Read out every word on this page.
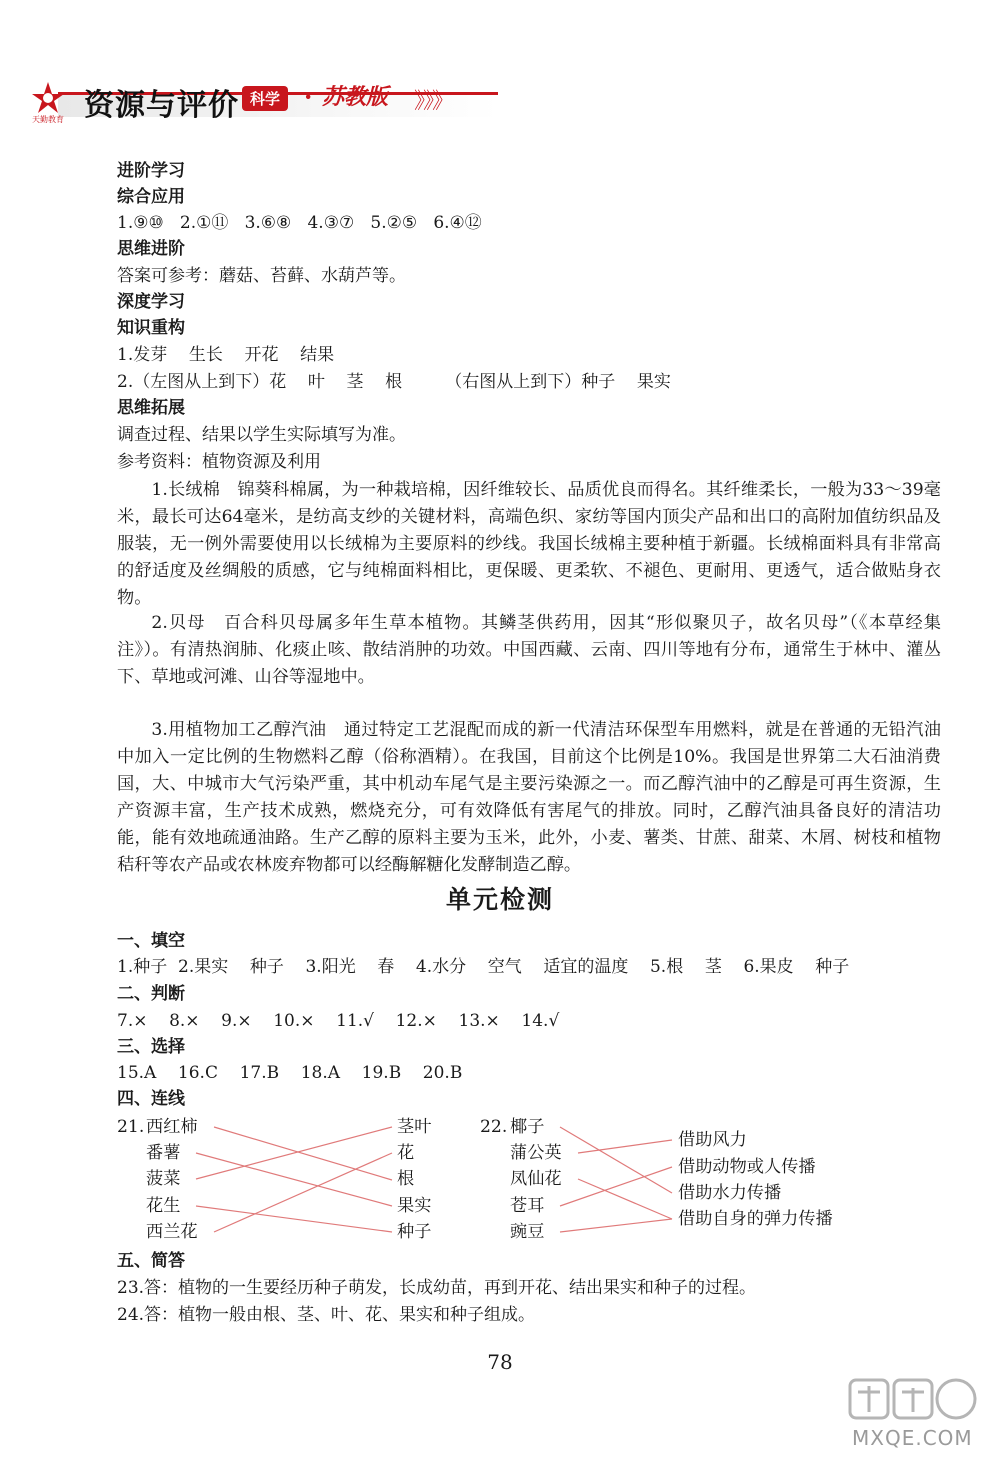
天勤教育 资源与评价 科学 · 苏教版 》》》
进阶学习
综合应用
1.⑨⑩   2.①⑪   3.⑥⑧   4.③⑦   5.②⑤   6.④⑫
思维进阶
答案可参考：蘑菇、苔藓、水葫芦等。
深度学习
知识重构
1.发芽    生长    开花    结果
2.（左图从上到下）花    叶    茎    根        （右图从上到下）种子    果实
思维拓展
调查过程、结果以学生实际填写为准。
参考资料：植物资源及利用

1.长绒棉　锦葵科棉属，为一种栽培棉，因纤维较长、品质优良而得名。其纤维柔长，一般为33～39毫米，最长可达64毫米，是纺高支纱的关键材料，高端色织、家纺等国内顶尖产品和出口的高附加值纺织品及服装，无一例外需要使用以长绒棉为主要原料的纱线。我国长绒棉主要种植于新疆。长绒棉面料具有非常高的舒适度及丝绸般的质感，它与纯棉面料相比，更保暖、更柔软、不褪色、更耐用、更透气，适合做贴身衣物。

2.贝母　百合科贝母属多年生草本植物。其鳞茎供药用，因其“形似聚贝子，故名贝母”（《本草经集注》）。有清热润肺、化痰止咳、散结消肿的功效。中国西藏、云南、四川等地有分布，通常生于林中、灌丛下、草地或河滩、山谷等湿地中。

3.用植物加工乙醇汽油　通过特定工艺混配而成的新一代清洁环保型车用燃料，就是在普通的无铅汽油中加入一定比例的生物燃料乙醇（俗称酒精）。在我国，目前这个比例是10%。我国是世界第二大石油消费国，大、中城市大气污染严重，其中机动车尾气是主要污染源之一。而乙醇汽油中的乙醇是可再生资源，生产资源丰富，生产技术成熟，燃烧充分，可有效降低有害尾气的排放。同时，乙醇汽油具备良好的清洁功能，能有效地疏通油路。生产乙醇的原料主要为玉米，此外，小麦、薯类、甘蔗、甜菜、木屑、树枝和植物秸秆等农产品或农林废弃物都可以经酶解糖化发酵制造乙醇。

单元检测
一、填空
1.种子  2.果实    种子    3.阳光    春    4.水分    空气    适宜的温度    5.根    茎    6.果皮    种子
二、判断
7.×    8.×    9.×    10.×    11.√    12.×    13.×    14.√
三、选择
15.A    16.C    17.B    18.A    19.B    20.B
四、连线
21. 西红柿
番薯
菠菜
花生
西兰花
茎叶
花
根
果实
种子
22. 椰子
蒲公英
凤仙花
苍耳
豌豆
借助风力
借助动物或人传播
借助水力传播
借助自身的弹力传播
五、简答
23.答：植物的一生要经历种子萌发，长成幼苗，再到开花、结出果实和种子的过程。
24.答：植物一般由根、茎、叶、花、果实和种子组成。
78
MXQE.COM
